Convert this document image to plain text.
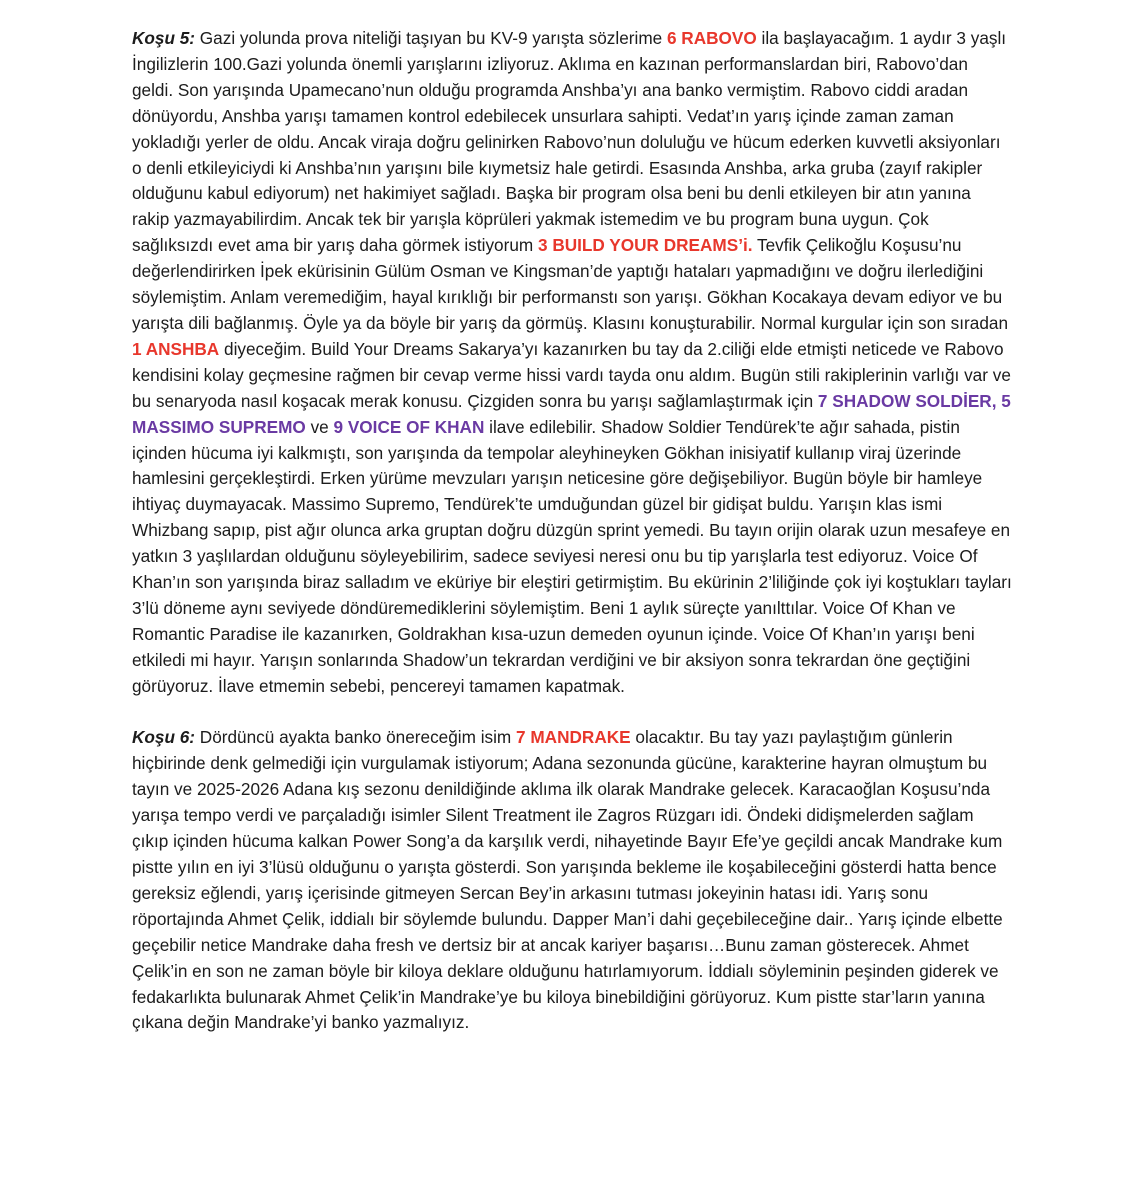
Koşu 5: Gazi yolunda prova niteliği taşıyan bu KV-9 yarışta sözlerime 6 RABOVO ila başlayacağım. 1 aydır 3 yaşlı İngilizlerin 100.Gazi yolunda önemli yarışlarını izliyoruz. Aklıma en kazınan performanslardan biri, Rabovo’dan geldi. Son yarışında Upamecano’nun olduğu programda Anshba’yı ana banko vermiştim. Rabovo ciddi aradan dönüyordu, Anshba yarışı tamamen kontrol edebilecek unsurlara sahipti. Vedat’ın yarış içinde zaman zaman yokladığı yerler de oldu. Ancak viraja doğru gelinirken Rabovo’nun doluluğu ve hücum ederken kuvvetli aksiyonları o denli etkileyiciydi ki Anshba’nın yarışını bile kıymetsiz hale getirdi. Esasında Anshba, arka gruba (zayıf rakipler olduğunu kabul ediyorum) net hakimiyet sağladı. Başka bir program olsa beni bu denli etkileyen bir atın yanına rakip yazmayabilirdim. Ancak tek bir yarışla köprüleri yakmak istemedim ve bu program buna uygun. Çok sağlıksızdı evet ama bir yarış daha görmek istiyorum 3 BUILD YOUR DREAMS’i. Tevfik Çelikoğlu Koşusu’nu değerlendirirken İpek ekürisinin Gülüm Osman ve Kingsman’de yaptığı hataları yapmadığını ve doğru ilerlediğini söylemiştim. Anlam veremediğim, hayal kırıklığı bir performanstı son yarışı. Gökhan Kocakaya devam ediyor ve bu yarışta dili bağlanmış. Öyle ya da böyle bir yarış da görmüş. Klasını konuşturabilir. Normal kurgular için son sıradan 1 ANSHBA diyeceğim. Build Your Dreams Sakarya’yı kazanırken bu tay da 2.ciliği elde etmişti neticede ve Rabovo kendisini kolay geçmesine rağmen bir cevap verme hissi vardı tayda onu aldım. Bugün stili rakiplerinin varlığı var ve bu senaryoda nasıl koşacak merak konusu. Çizgiden sonra bu yarışı sağlamlaştırmak için 7 SHADOW SOLDİER, 5 MASSIMO SUPREMO ve 9 VOICE OF KHAN ilave edilebilir. Shadow Soldier Tendürek’te ağır sahada, pistin içinden hücuma iyi kalkmıştı, son yarışında da tempolar aleyhineyken Gökhan inisiyatif kullanıp viraj üzerinde hamlesini gerçekleştirdi. Erken yürüme mevzuları yarışın neticesine göre değişebiliyor. Bugün böyle bir hamleye ihtiyaç duymayacak. Massimo Supremo, Tendürek’te umduğundan güzel bir gidişat buldu. Yarışın klas ismi Whizbang sapıp, pist ağır olunca arka gruptan doğru düzgün sprint yemedi. Bu tayın orijin olarak uzun mesafeye en yatkın 3 yaşlılardan olduğunu söyleyebilirim, sadece seviyesi neresi onu bu tip yarışlarla test ediyoruz. Voice Of Khan’ın son yarışında biraz salladım ve eküriye bir eleştiri getirmiştim. Bu ekürinin 2’liliğinde çok iyi koştukları tayları 3’lü döneme aynı seviyede döndüremediklerini söylemiştim. Beni 1 aylık süreçte yanılttılar. Voice Of Khan ve Romantic Paradise ile kazanırken, Goldrakhan kısa-uzun demeden oyunun içinde. Voice Of Khan’ın yarışı beni etkiledi mi hayır. Yarışın sonlarında Shadow’un tekrardan verdiğini ve bir aksiyon sonra tekrardan öne geçtiğini görüyoruz. İlave etmemin sebebi, pencereyi tamamen kapatmak.

Koşu 6: Dördüncü ayakta banko önereceğim isim 7 MANDRAKE olacaktır. Bu tay yazı paylaştığım günlerin hiçbirinde denk gelmediği için vurgulamak istiyorum; Adana sezonunda gücüne, karakterine hayran olmuştum bu tayın ve 2025-2026 Adana kış sezonu denildiğinde aklıma ilk olarak Mandrake gelecek. Karacaoğlan Koşusu’nda yarışa tempo verdi ve parçaladığı isimler Silent Treatment ile Zagros Rüzgarı idi. Öndeki didişmelerden sağlam çıkıp içinden hücuma kalkan Power Song’a da karşılık verdi, nihayetinde Bayır Efe’ye geçildi ancak Mandrake kum pistte yılın en iyi 3’lüsü olduğunu o yarışta gösterdi. Son yarışında bekleme ile koşabileceğini gösterdi hatta bence gereksiz eğlendi, yarış içerisinde gitmeyen Sercan Bey’in arkasını tutması jokeyinin hatası idi. Yarış sonu röportajında Ahmet Çelik, iddialı bir söylemde bulundu. Dapper Man’i dahi geçebileceğine dair.. Yarış içinde elbette geçebilir netice Mandrake daha fresh ve dertsiz bir at ancak kariyer başarısı…Bunu zaman gösterecek. Ahmet Çelik’in en son ne zaman böyle bir kiloya deklare olduğunu hatırlamıyorum. İddialı söyleminin peşinden giderek ve fedakarlıkta bulunarak Ahmet Çelik’in Mandrake’ye bu kiloya binebildiğini görüyoruz. Kum pistte star’ların yanına çıkana değin Mandrake’yi banko yazmalıyız.
